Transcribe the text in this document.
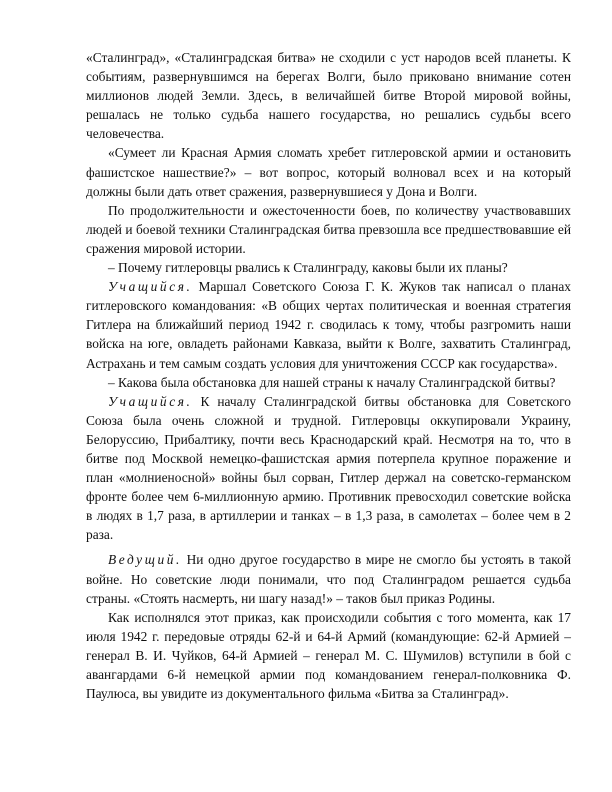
«Сталинград», «Сталинградская битва» не сходили с уст народов всей планеты. К событиям, развернувшимся на берегах Волги, было приковано внимание сотен миллионов людей Земли. Здесь, в величайшей битве Второй мировой войны, решалась не только судьба нашего государства, но решались судьбы всего человечества.

«Сумеет ли Красная Армия сломать хребет гитлеровской армии и остановить фашистское нашествие?» – вот вопрос, который волновал всех и на который должны были дать ответ сражения, развернувшиеся у Дона и Волги.

По продолжительности и ожесточенности боев, по количеству участвовавших людей и боевой техники Сталинградская битва превзошла все предшествовавшие ей сражения мировой истории.

– Почему гитлеровцы рвались к Сталинграду, каковы были их планы?

Учащийся. Маршал Советского Союза Г. К. Жуков так написал о планах гитлеровского командования: «В общих чертах политическая и военная стратегия Гитлера на ближайший период 1942 г. сводилась к тому, чтобы разгромить наши войска на юге, овладеть районами Кавказа, выйти к Волге, захватить Сталинград, Астрахань и тем самым создать условия для уничтожения СССР как государства».

– Какова была обстановка для нашей страны к началу Сталинградской битвы?

Учащийся. К началу Сталинградской битвы обстановка для Советского Союза была очень сложной и трудной. Гитлеровцы оккупировали Украину, Белоруссию, Прибалтику, почти весь Краснодарский край. Несмотря на то, что в битве под Москвой немецко-фашистская армия потерпела крупное поражение и план «молниеносной» войны был сорван, Гитлер держал на советско-германском фронте более чем 6-миллионную армию. Противник превосходил советские войска в людях в 1,7 раза, в артиллерии и танках – в 1,3 раза, в самолетах – более чем в 2 раза.

Ведущий. Ни одно другое государство в мире не смогло бы устоять в такой войне. Но советские люди понимали, что под Сталинградом решается судьба страны. «Стоять насмерть, ни шагу назад!» – таков был приказ Родины.

Как исполнялся этот приказ, как происходили события с того момента, как 17 июля 1942 г. передовые отряды 62-й и 64-й Армий (командующие: 62-й Армией – генерал В. И. Чуйков, 64-й Армией – генерал М. С. Шумилов) вступили в бой с авангардами 6-й немецкой армии под командованием генерал-полковника Ф. Паулюса, вы увидите из документального фильма «Битва за Сталинград».
